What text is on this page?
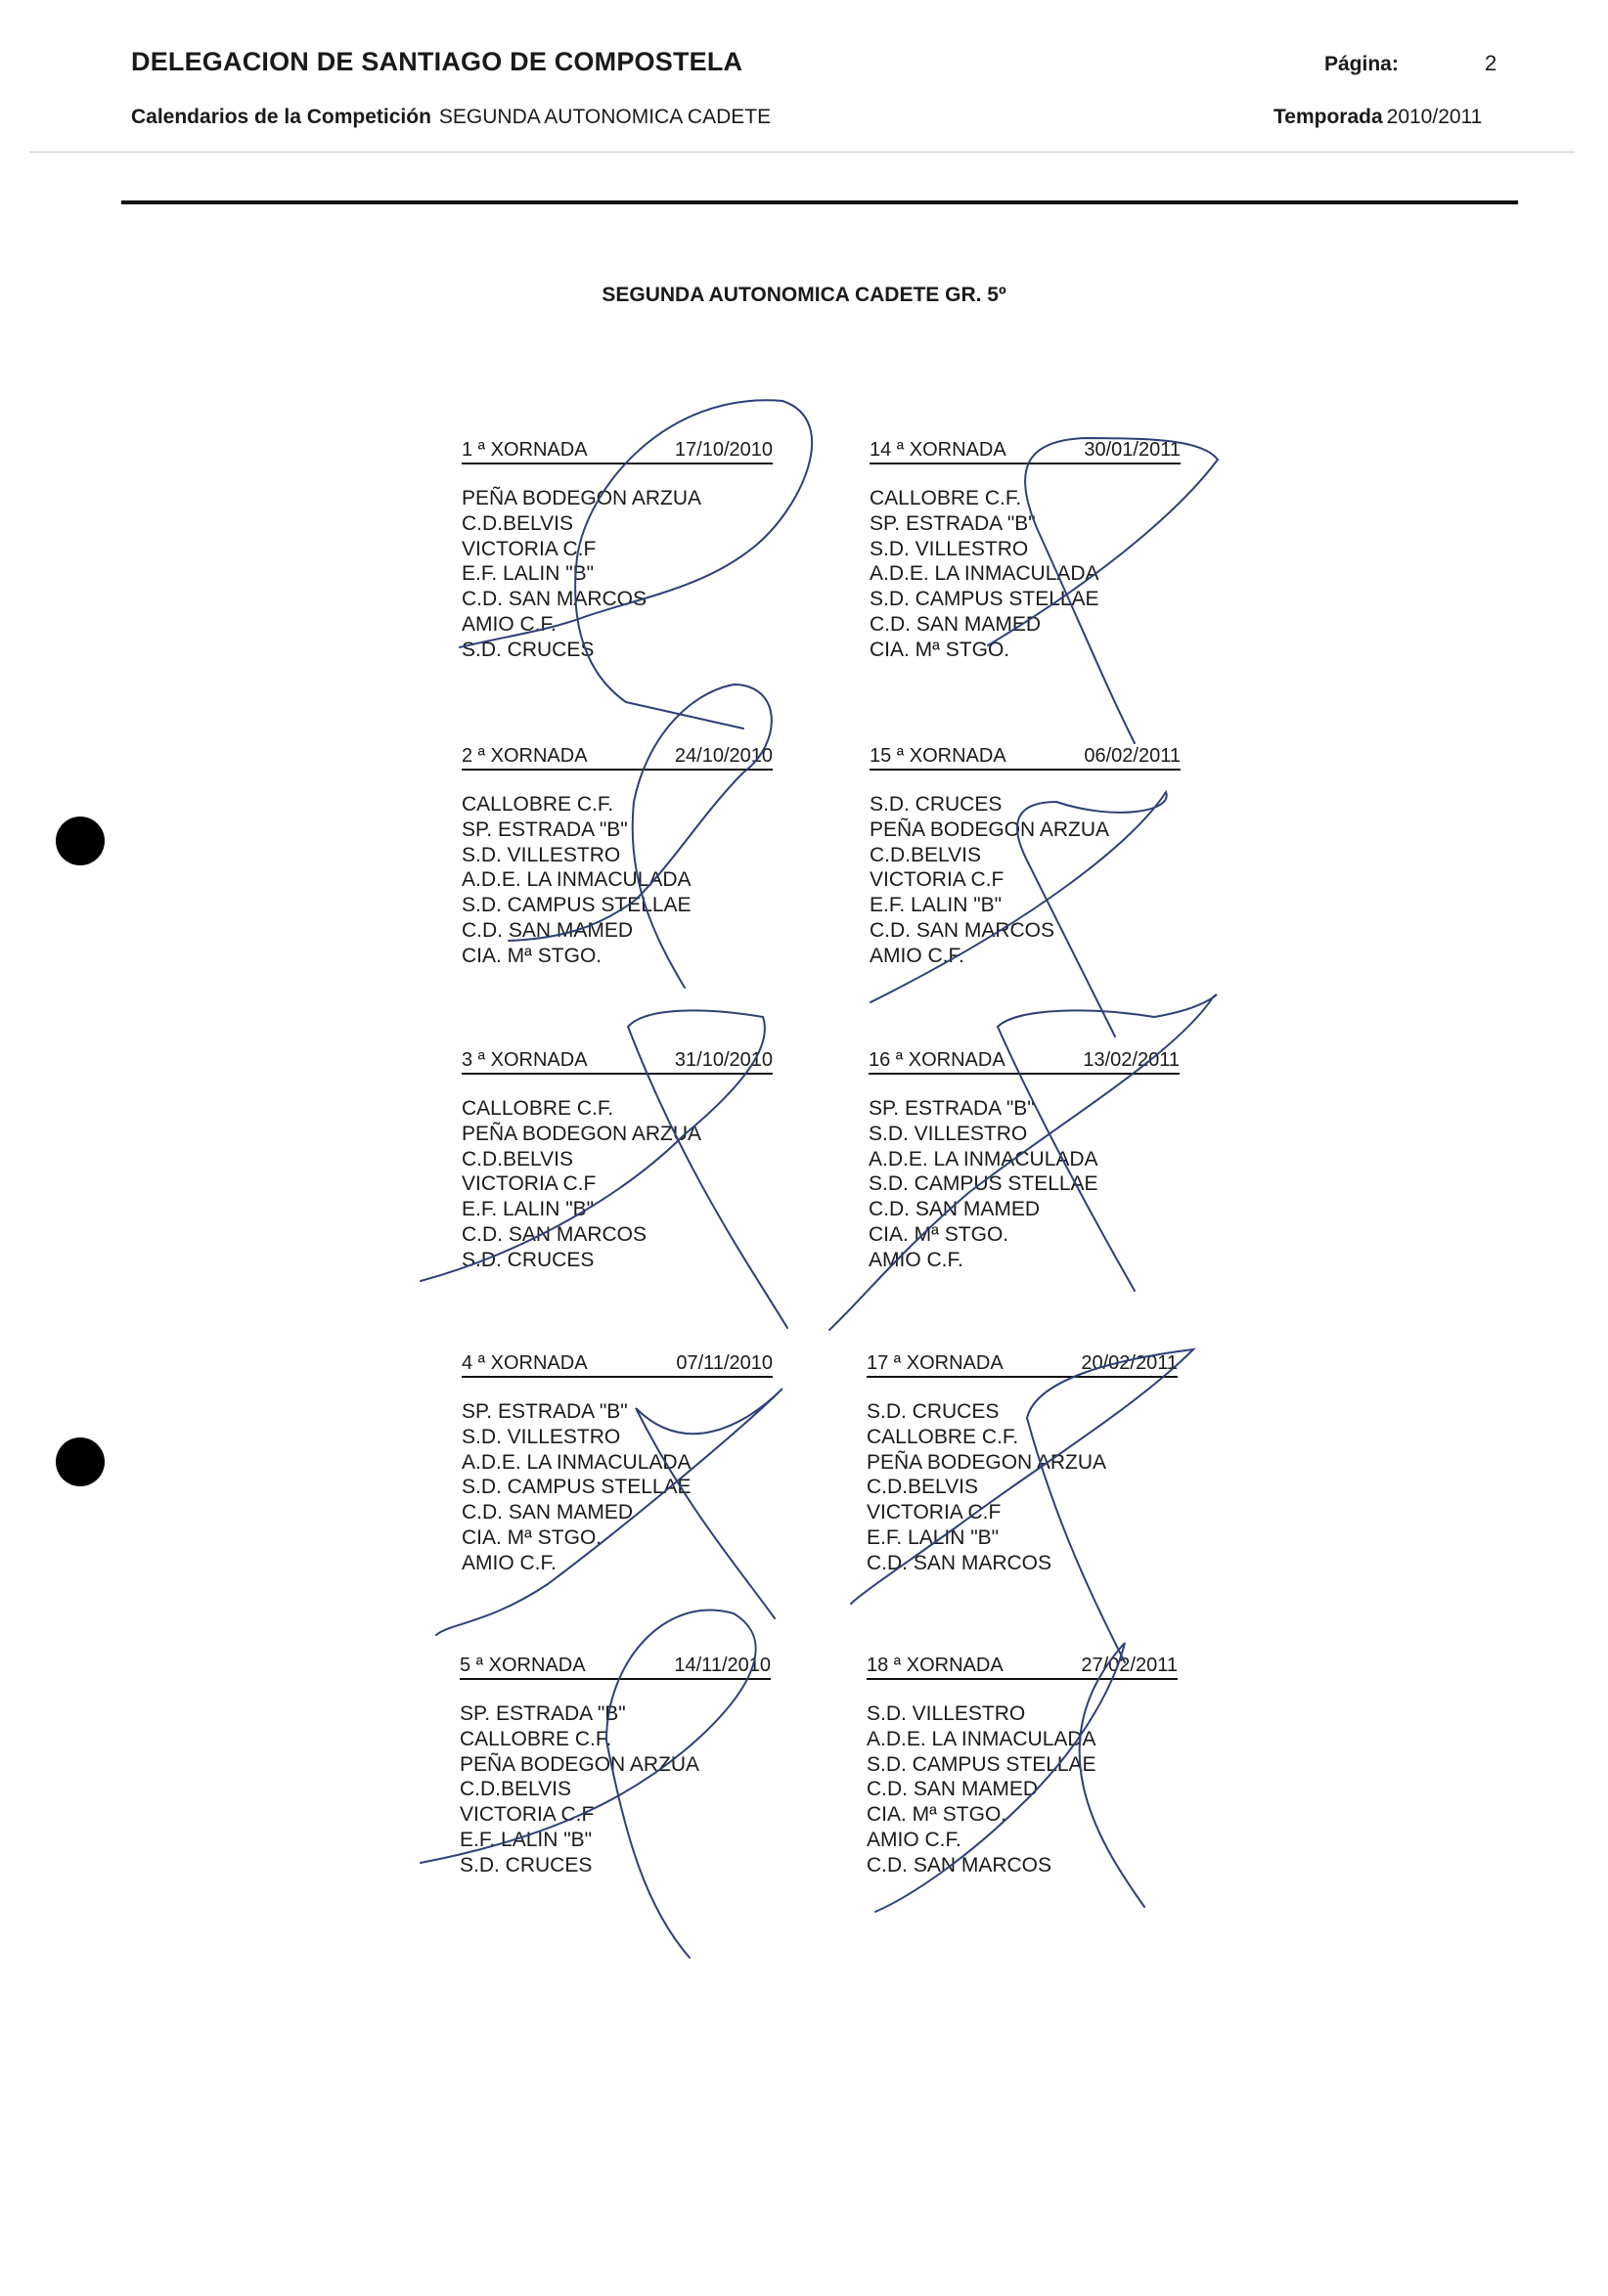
DELEGACION DE SANTIAGO DE COMPOSTELA	Página:	2
Calendarios de la Competición SEGUNDA AUTONOMICA CADETE	Temporada 2010/2011
SEGUNDA AUTONOMICA CADETE GR. 5º
1 ª XORNADA	17/10/2010
PEÑA BODEGON ARZUA
C.D.BELVIS
VICTORIA C.F
E.F. LALIN "B"
C.D. SAN MARCOS
AMIO C.F.
S.D. CRUCES
2 ª XORNADA	24/10/2010
CALLOBRE C.F.
SP. ESTRADA "B"
S.D. VILLESTRO
A.D.E. LA INMACULADA
S.D. CAMPUS STELLAE
C.D. SAN MAMED
CIA. Mª STGO.
3 ª XORNADA	31/10/2010
CALLOBRE C.F.
PEÑA BODEGON ARZUA
C.D.BELVIS
VICTORIA C.F
E.F. LALIN "B"
C.D. SAN MARCOS
S.D. CRUCES
4 ª XORNADA	07/11/2010
SP. ESTRADA "B"
S.D. VILLESTRO
A.D.E. LA INMACULADA
S.D. CAMPUS STELLAE
C.D. SAN MAMED
CIA. Mª STGO.
AMIO C.F.
5 ª XORNADA	14/11/2010
SP. ESTRADA "B"
CALLOBRE C.F.
PEÑA BODEGON ARZUA
C.D.BELVIS
VICTORIA C.F
E.F. LALIN "B"
S.D. CRUCES
14 ª XORNADA	30/01/2011
CALLOBRE C.F.
SP. ESTRADA "B"
S.D. VILLESTRO
A.D.E. LA INMACULADA
S.D. CAMPUS STELLAE
C.D. SAN MAMED
CIA. Mª STGO.
15 ª XORNADA	06/02/2011
S.D. CRUCES
PEÑA BODEGON ARZUA
C.D.BELVIS
VICTORIA C.F
E.F. LALIN "B"
C.D. SAN MARCOS
AMIO C.F.
16 ª XORNADA	13/02/2011
SP. ESTRADA "B"
S.D. VILLESTRO
A.D.E. LA INMACULADA
S.D. CAMPUS STELLAE
C.D. SAN MAMED
CIA. Mª STGO.
AMIO C.F.
17 ª XORNADA	20/02/2011
S.D. CRUCES
CALLOBRE C.F.
PEÑA BODEGON ARZUA
C.D.BELVIS
VICTORIA C.F
E.F. LALIN "B"
C.D. SAN MARCOS
18 ª XORNADA	27/02/2011
S.D. VILLESTRO
A.D.E. LA INMACULADA
S.D. CAMPUS STELLAE
C.D. SAN MAMED
CIA. Mª STGO.
AMIO C.F.
C.D. SAN MARCOS
